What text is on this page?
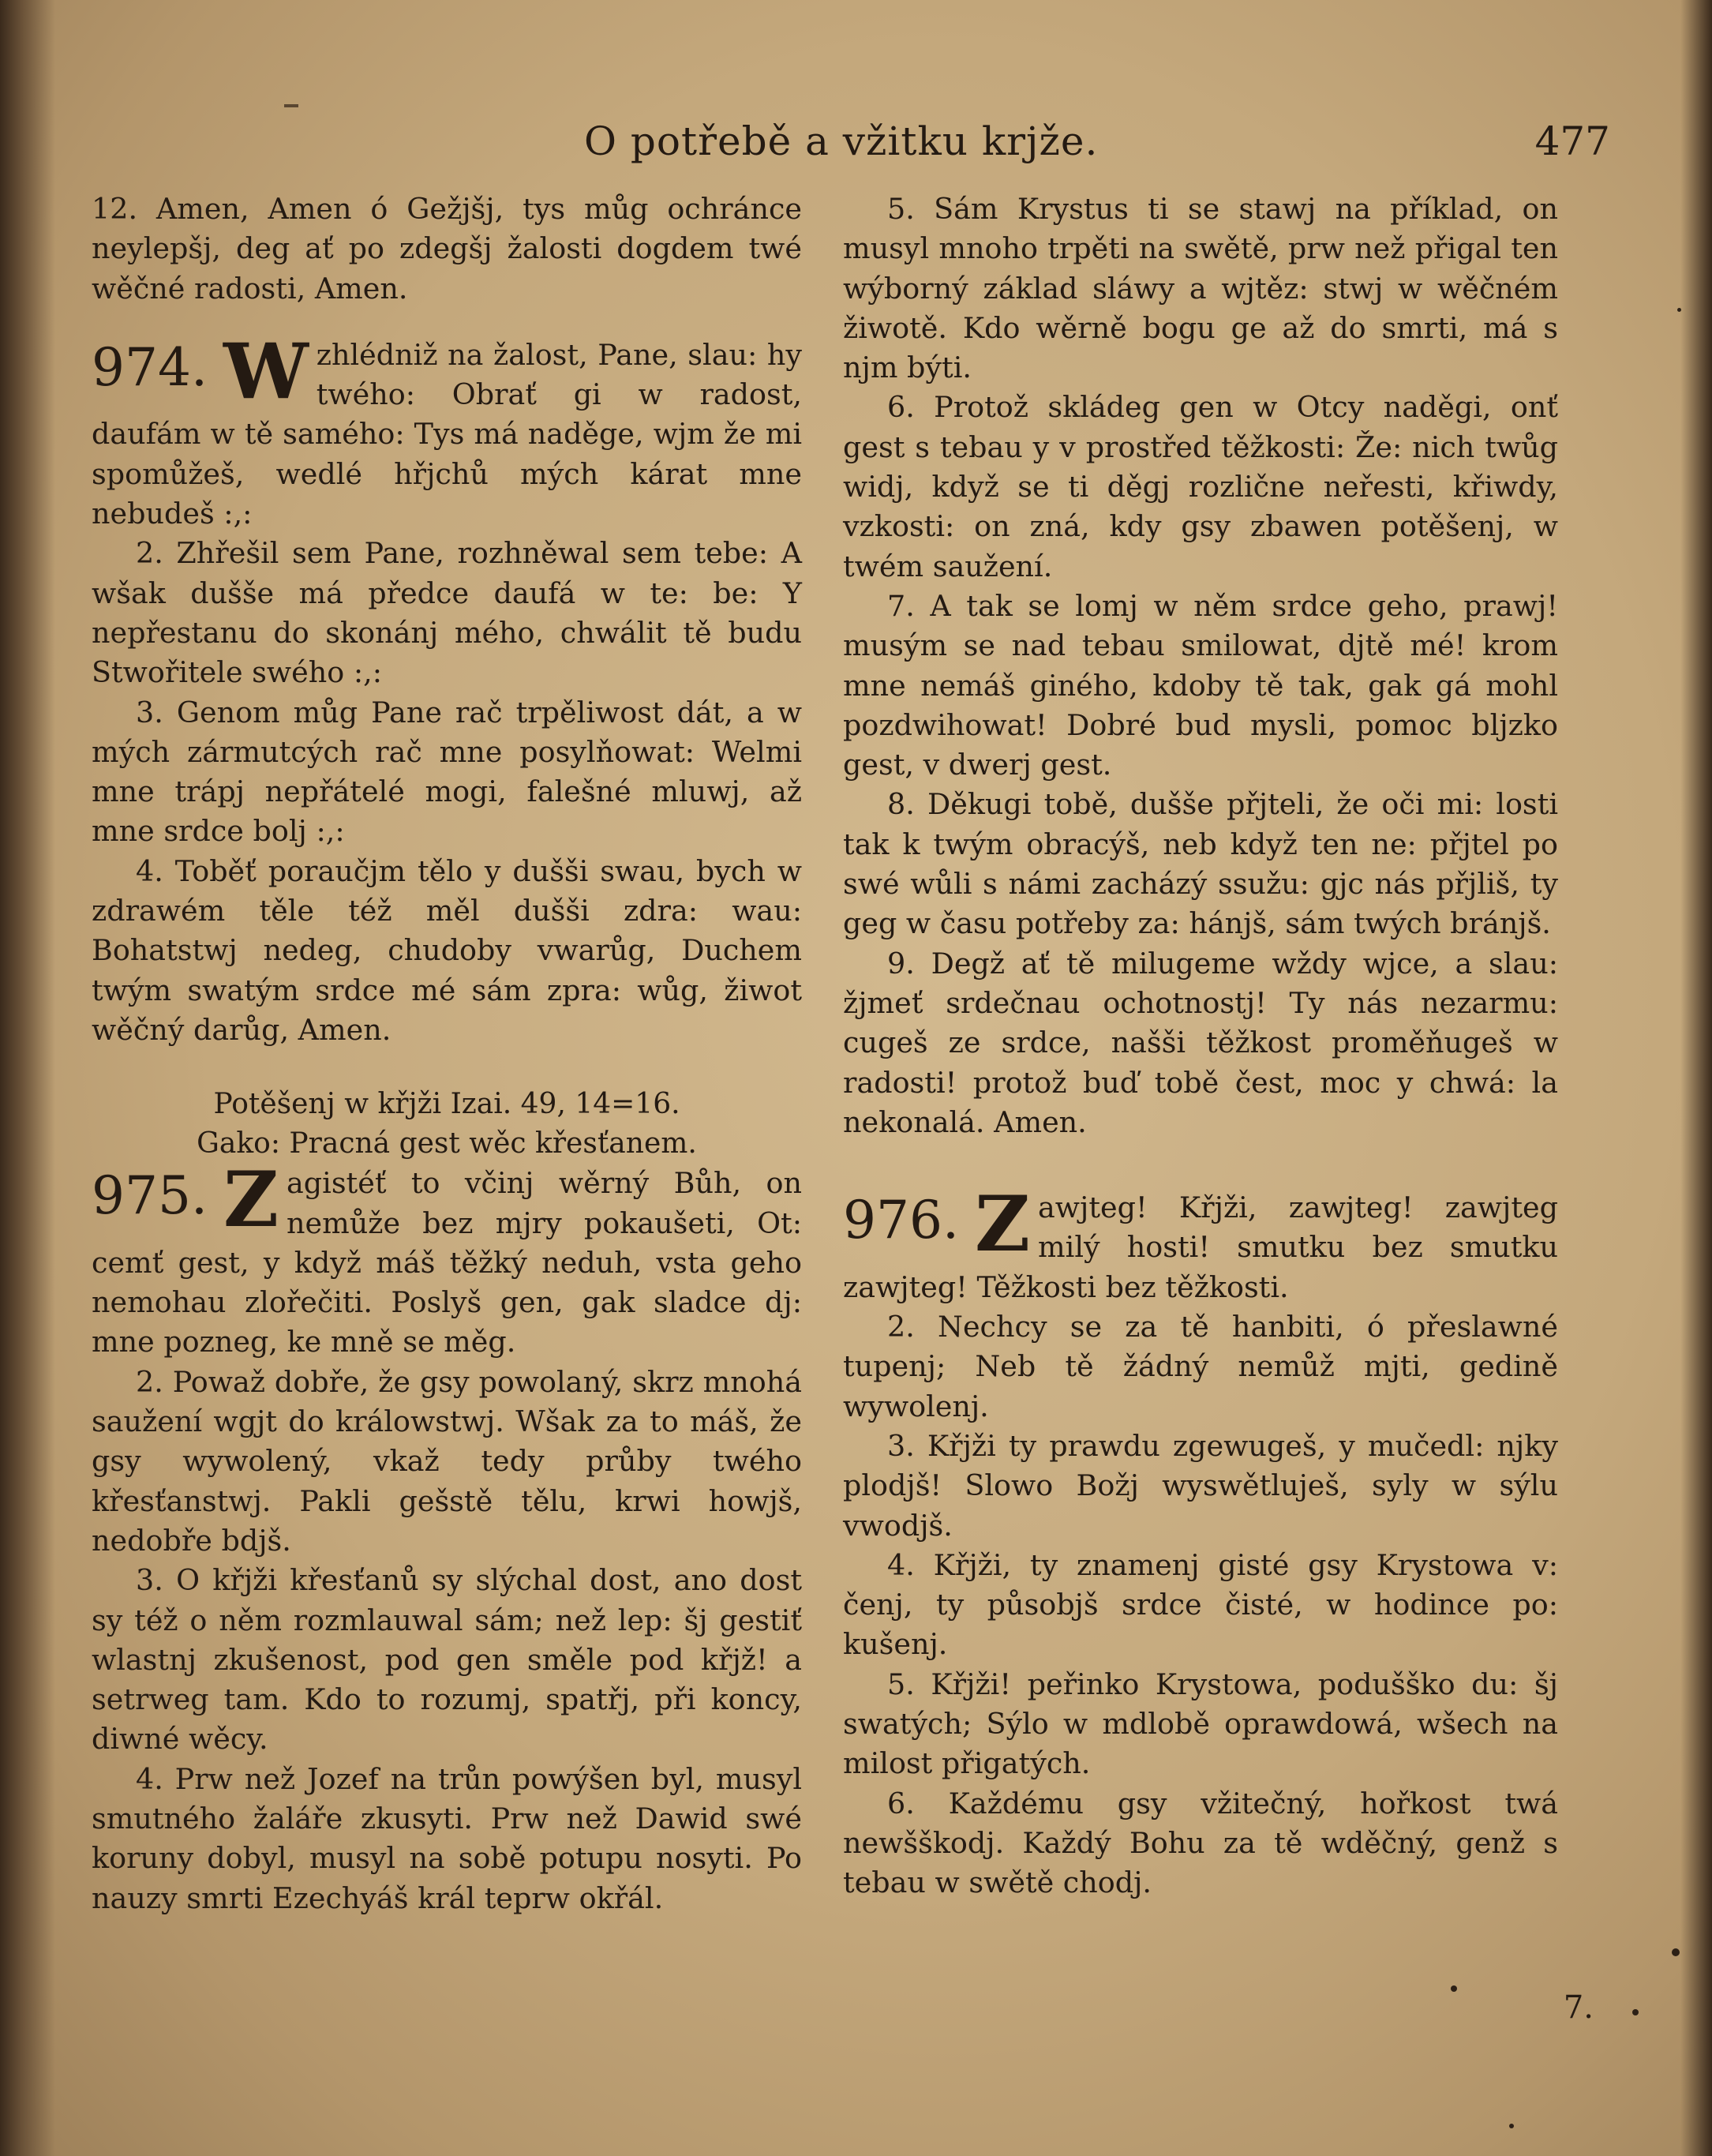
O potřebě a vžitku krjže.	477

12. Amen, Amen ó Gežjšj, tys můg ochránce neylepšj, deg ať po zdegšj žalosti dogdem twé wěčné radosti, Amen.

974. W zhlédniž na žalost, Pane, slau: hy twého: Obrať gi w radost, daufám w tě samého: Tys má naděge, wjm že mi spomůžeš, wedlé hřjchů mých kárat mne nebudeš :,:

2. Zhřešil sem Pane, rozhněwal sem tebe: A wšak dušše má předce daufá w te: be: Y nepřestanu do skonánj mého, chwálit tě budu Stwořitele swého :,:

3. Genom můg Pane rač trpěliwost dát, a w mých zármutcých rač mne posylňowat: Welmi mne trápj nepřátelé mogi, falešné mluwj, až mne srdce bolj :,:

4. Toběť poraučjm tělo y dušši swau, bych w zdrawém těle též měl dušši zdra: wau: Bohatstwj nedeg, chudoby vwarůg, Duchem twým swatým srdce mé sám zpra: wůg, žiwot wěčný darůg, Amen.

Potěšenj w křjži Izai. 49, 14=16.

Gako: Pracná gest wěc křesťanem.

975. Z agistéť to včinj wěrný Bůh, on nemůže bez mjry pokaušeti, Ot: cemť gest, y když máš těžký neduh, vsta geho nemohau zlořečiti. Poslyš gen, gak sladce dj: mne pozneg, ke mně se měg.

2. Powaž dobře, že gsy powolaný, skrz mnohá saužení wgjt do králowstwj. Wšak za to máš, že gsy wywolený, vkaž tedy průby twého křesťanstwj. Pakli gešstě tělu, krwi howjš, nedobře bdjš.

3. O křjži křesťanů sy slýchal dost, ano dost sy též o něm rozmlauwal sám; než lep: šj gestiť wlastnj zkušenost, pod gen směle pod křjž! a setrweg tam. Kdo to rozumj, spatřj, při koncy, diwné wěcy.

4. Prw než Jozef na trůn powýšen byl, musyl smutného žaláře zkusyti. Prw než Dawid swé koruny dobyl, musyl na sobě potupu nosyti. Po nauzy smrti Ezechyáš král teprw okřál.

5. Sám Krystus ti se stawj na příklad, on musyl mnoho trpěti na swětě, prw než přigal ten wýborný základ sláwy a wjtěz: stwj w wěčném žiwotě. Kdo wěrně bogu ge až do smrti, má s njm býti.

6. Protož skládeg gen w Otcy naděgi, onť gest s tebau y v prostřed těžkosti: Že: nich twůg widj, když se ti děgj rozlične neřesti, křiwdy, vzkosti: on zná, kdy gsy zbawen potěšenj, w twém saužení.

7. A tak se lomj w něm srdce geho, prawj! musým se nad tebau smilowat, djtě mé! krom mne nemáš giného, kdoby tě tak, gak gá mohl pozdwihowat! Dobré bud mysli, pomoc bljzko gest, v dwerj gest.

8. Děkugi tobě, dušše přjteli, že oči mi: losti tak k twým obracýš, neb když ten ne: přjtel po swé wůli s námi zacházý ssužu: gjc nás přjliš, ty geg w času potřeby za: hánjš, sám twých bránjš.

9. Degž ať tě milugeme wždy wjce, a slau: žjmeť srdečnau ochotnostj! Ty nás nezarmu: cugeš ze srdce, našši těžkost proměňugeš w radosti! protož buď tobě čest, moc y chwá: la nekonalá. Amen.

976. Z awjteg! Křjži, zawjteg! zawjteg milý hosti! smutku bez smutku zawjteg! Těžkosti bez těžkosti.

2. Nechcy se za tě hanbiti, ó přeslawné tupenj; Neb tě žádný nemůž mjti, gedině wywolenj.

3. Křjži ty prawdu zgewugeš, y mučedl: njky plodjš! Slowo Božj wyswětluješ, syly w sýlu vwodjš.

4. Křjži, ty znamenj gisté gsy Krystowa v: čenj, ty působjš srdce čisté, w hodince po: kušenj.

5. Křjži! peřinko Krystowa, podušško du: šj swatých; Sýlo w mdlobě oprawdowá, wšech na milost přigatých.

6. Každému gsy vžitečný, hořkost twá newšškodj. Každý Bohu za tě wděčný, genž s tebau w swětě chodj.

7.
